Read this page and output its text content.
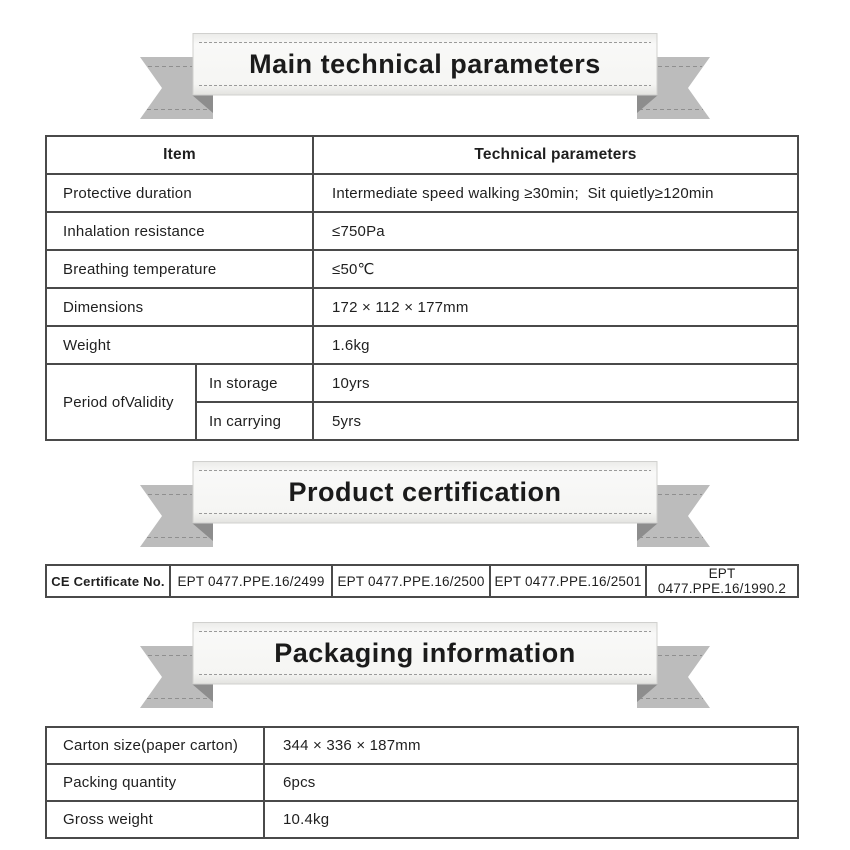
Main technical parameters
Item		Technical parameters
Protective duration		Intermediate speed walking ≥30min;  Sit quietly≥120min
Inhalation resistance		≤750Pa
Breathing temperature		≤50℃
Dimensions		172 × 112 × 177mm
Weight		1.6kg
Period ofValidity	In storage	10yrs
	In carrying	5yrs
Product certification
CE Certificate No.	EPT 0477.PPE.16/2499	EPT 0477.PPE.16/2500	EPT 0477.PPE.16/2501	EPT 0477.PPE.16/1990.2
Packaging information
Carton size(paper carton)	344 × 336 × 187mm
Packing quantity	6pcs
Gross weight	10.4kg
